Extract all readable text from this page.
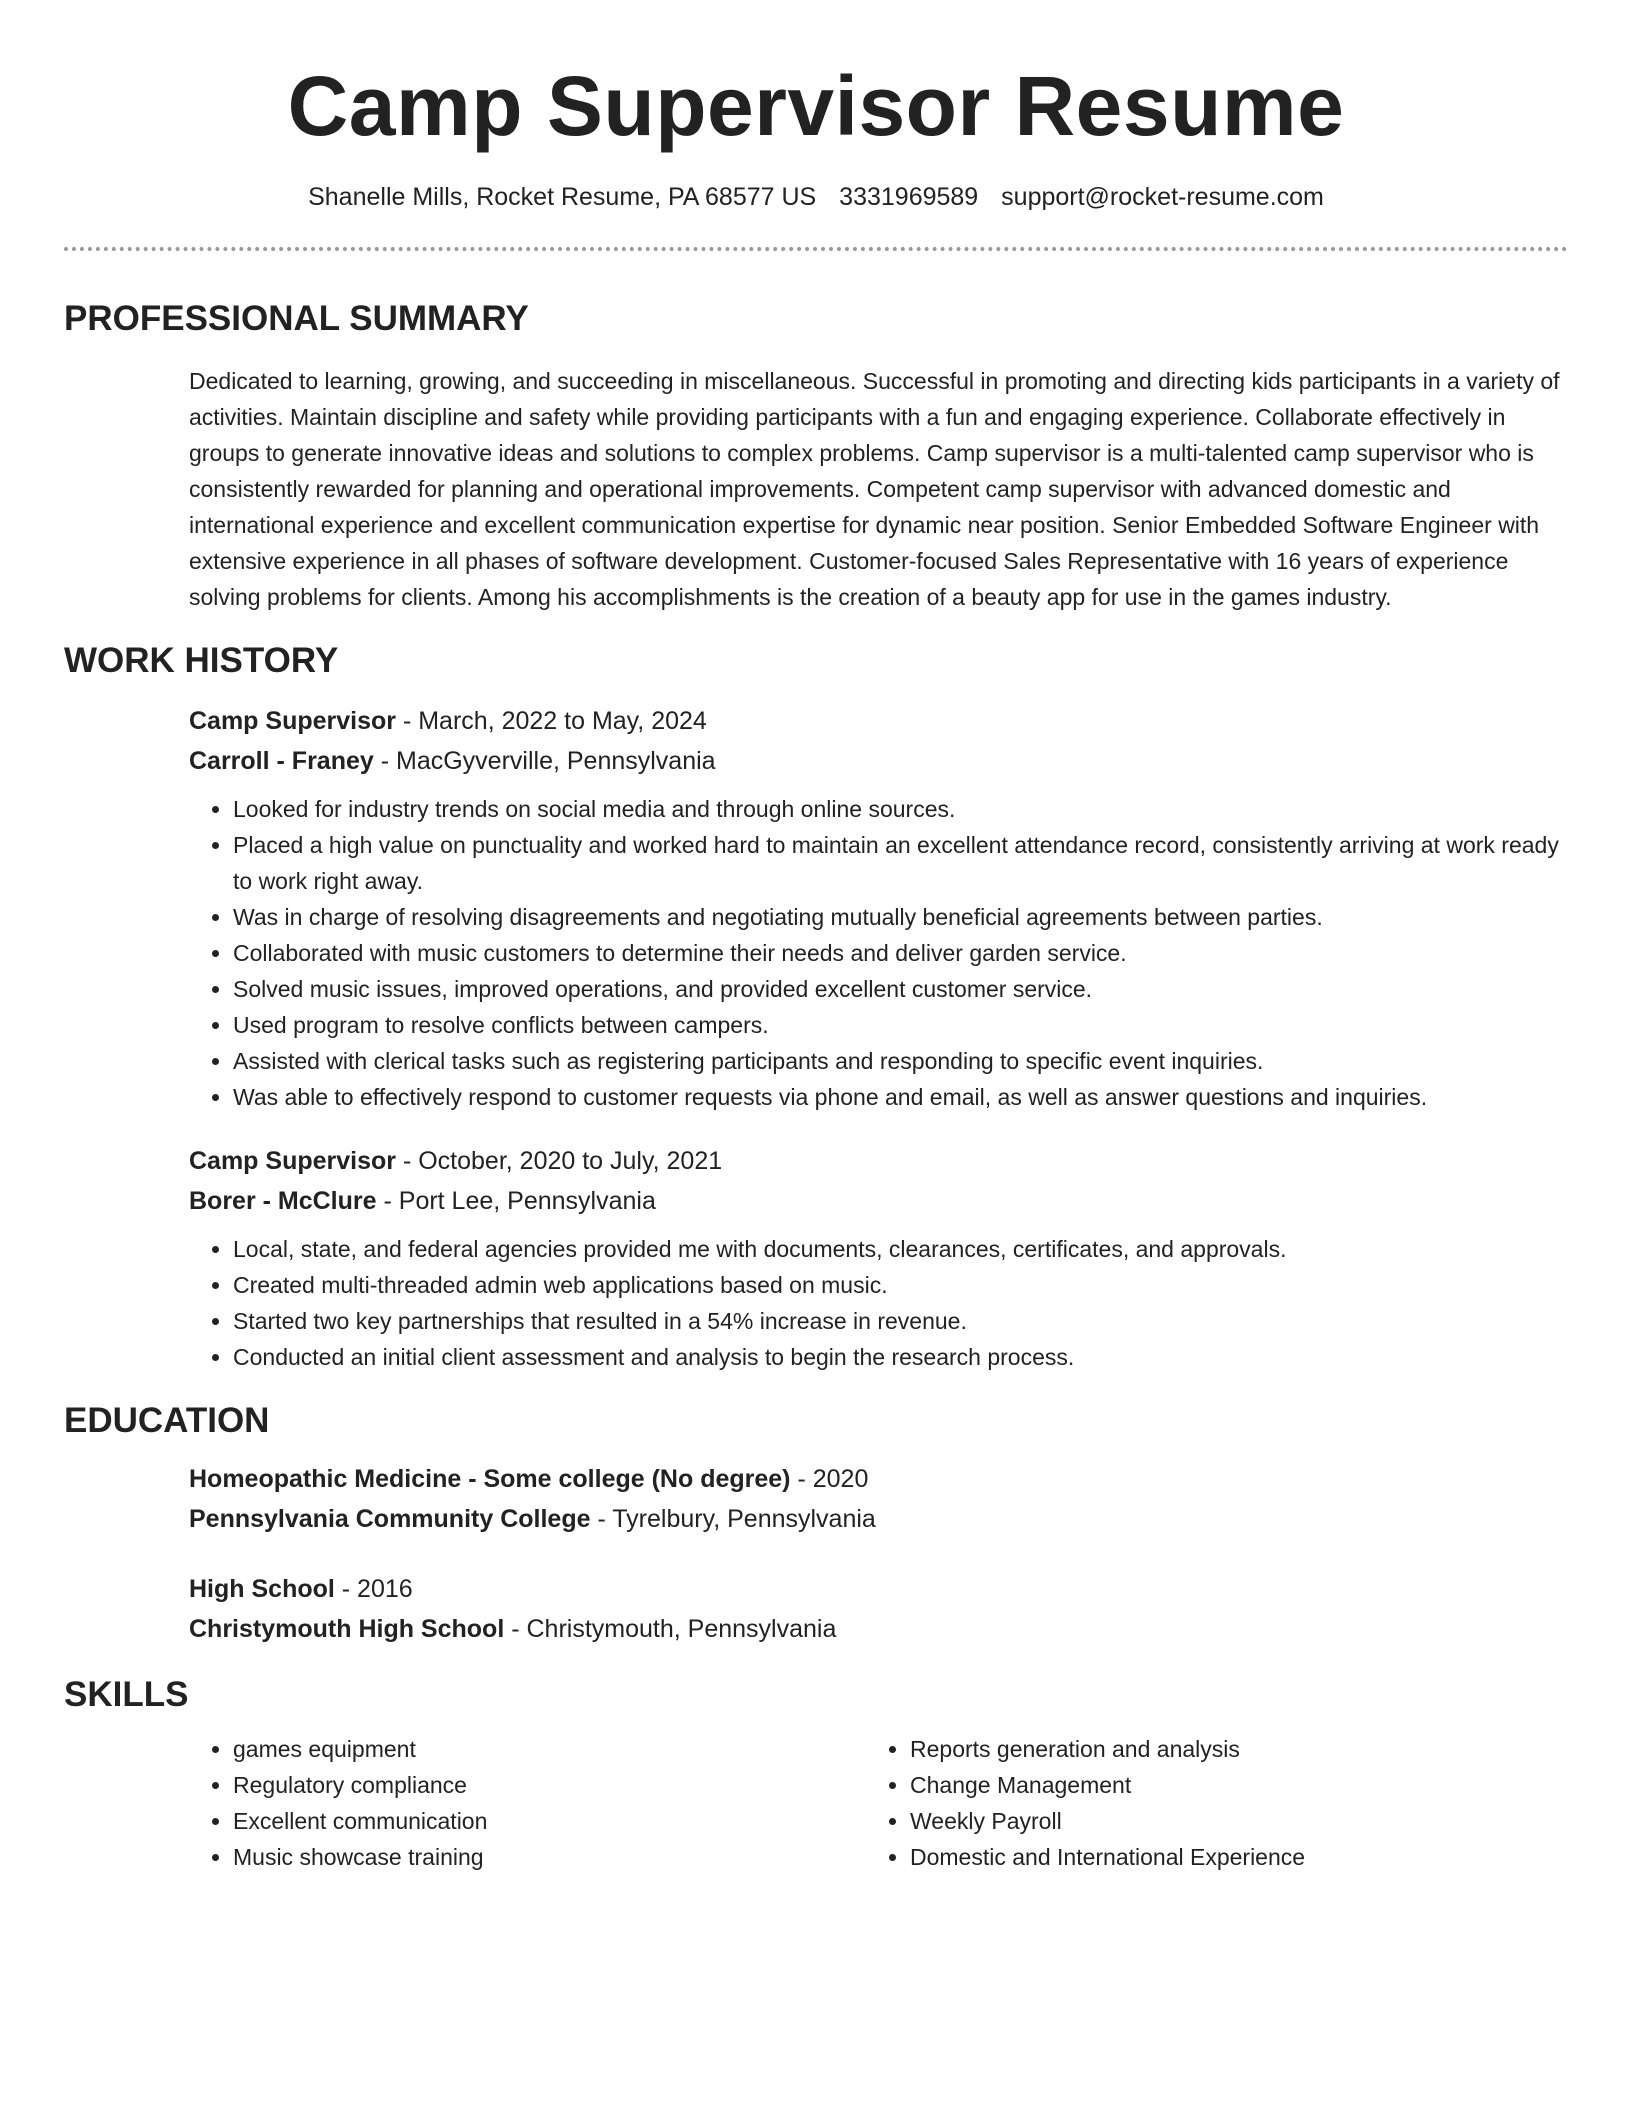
Camp Supervisor Resume
Shanelle Mills, Rocket Resume, PA 68577 US 3331969589 support@rocket-resume.com
PROFESSIONAL SUMMARY

Dedicated to learning, growing, and succeeding in miscellaneous. Successful in promoting and directing kids participants in a variety of activities. Maintain discipline and safety while providing participants with a fun and engaging experience. Collaborate effectively in groups to generate innovative ideas and solutions to complex problems. Camp supervisor is a multi-talented camp supervisor who is consistently rewarded for planning and operational improvements. Competent camp supervisor with advanced domestic and international experience and excellent communication expertise for dynamic near position. Senior Embedded Software Engineer with extensive experience in all phases of software development. Customer-focused Sales Representative with 16 years of experience solving problems for clients. Among his accomplishments is the creation of a beauty app for use in the games industry.

WORK HISTORY

Camp Supervisor - March, 2022 to May, 2024

Carroll - Franey - MacGyverville, Pennsylvania

• Looked for industry trends on social media and through online sources.
• Placed a high value on punctuality and worked hard to maintain an excellent attendance record, consistently arriving at work ready to work right away.
• Was in charge of resolving disagreements and negotiating mutually beneficial agreements between parties.
• Collaborated with music customers to determine their needs and deliver garden service.
• Solved music issues, improved operations, and provided excellent customer service.
• Used program to resolve conflicts between campers.
• Assisted with clerical tasks such as registering participants and responding to specific event inquiries.
• Was able to effectively respond to customer requests via phone and email, as well as answer questions and inquiries.

Camp Supervisor - October, 2020 to July, 2021

Borer - McClure - Port Lee, Pennsylvania

• Local, state, and federal agencies provided me with documents, clearances, certificates, and approvals.
• Created multi-threaded admin web applications based on music.
• Started two key partnerships that resulted in a 54% increase in revenue.
• Conducted an initial client assessment and analysis to begin the research process.
EDUCATION

Homeopathic Medicine - Some college (No degree) - 2020

Pennsylvania Community College - Tyrelbury, Pennsylvania

High School - 2016

Christymouth High School - Christymouth, Pennsylvania

SKILLS
• games equipment
• Regulatory compliance
• Excellent communication
• Music showcase training
• Reports generation and analysis
• Change Management
• Weekly Payroll
• Domestic and International Experience
